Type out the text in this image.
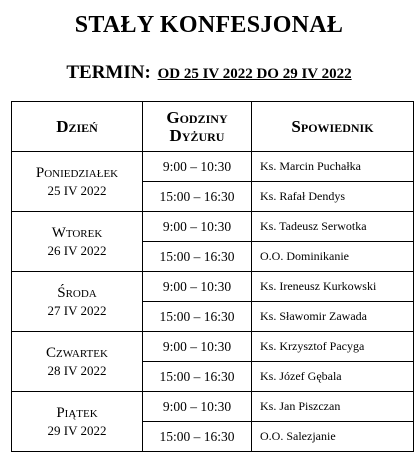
STAŁY KONFESJONAŁ
TERMIN: OD 25 IV 2022 DO 29 IV 2022
Dzień	Godziny Dyżuru	Spowiednik

Poniedziałek
25 IV 2022	9:00 – 10:30	Ks. Marcin Puchałka
	15:00 – 16:30	Ks. Rafał Dendys

Wtorek
26 IV 2022	9:00 – 10:30	Ks. Tadeusz Serwotka
	15:00 – 16:30	O.O. Dominikanie

Środa
27 IV 2022	9:00 – 10:30	Ks. Ireneusz Kurkowski
	15:00 – 16:30	Ks. Sławomir Zawada

Czwartek
28 IV 2022	9:00 – 10:30	Ks. Krzysztof Pacyga
	15:00 – 16:30	Ks. Józef Gębala

Piątek
29 IV 2022	9:00 – 10:30	Ks. Jan Piszczan
	15:00 – 16:30	O.O. Salezjanie
